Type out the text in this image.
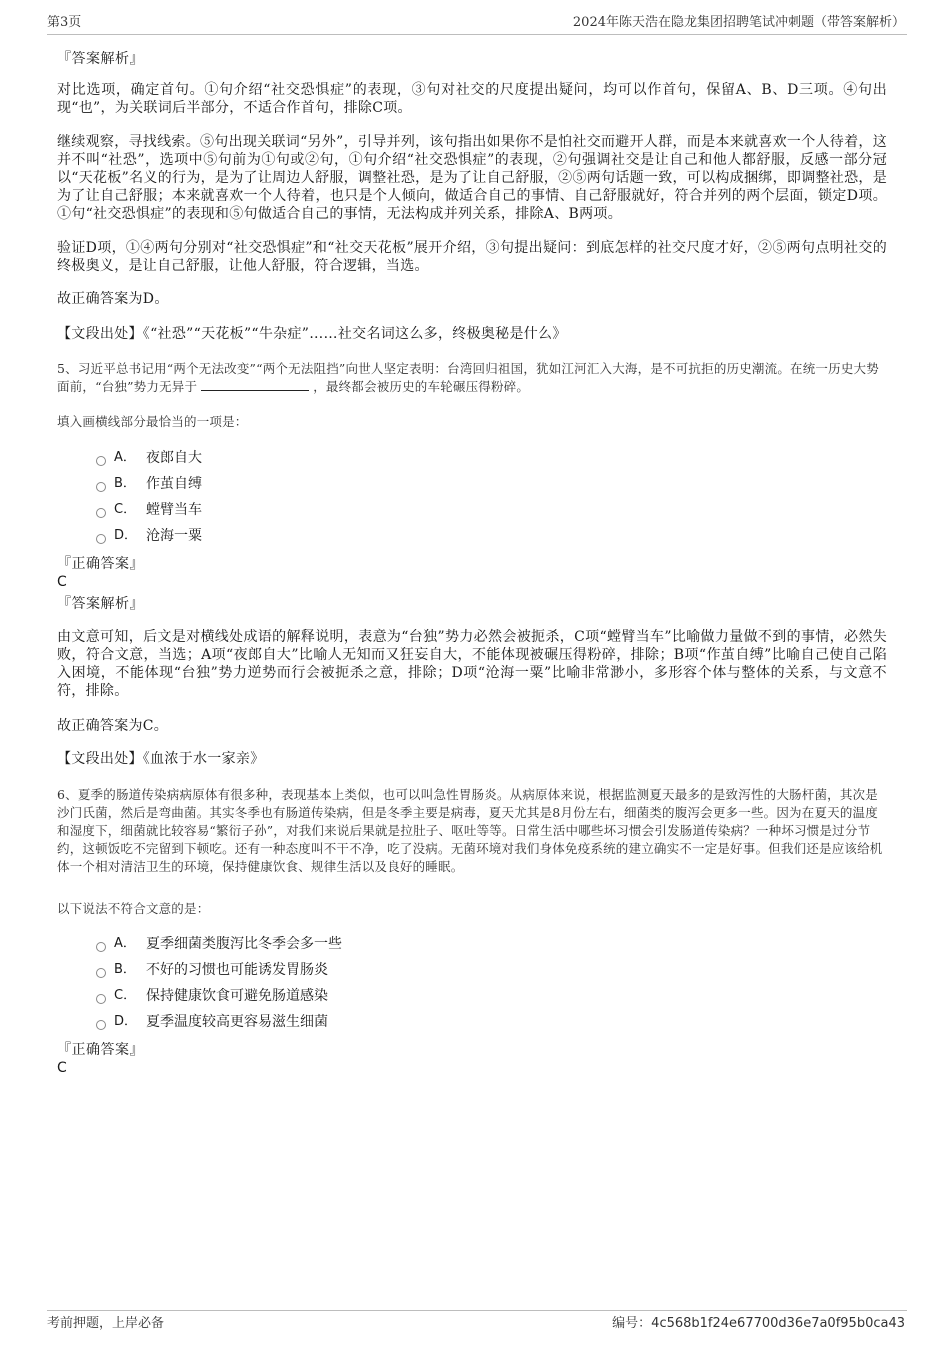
第3页	2024年陈天浩在隐龙集团招聘笔试冲刺题（带答案解析）
『答案解析』
对比选项，确定首句。①句介绍“社交恐惧症”的表现，③句对社交的尺度提出疑问，均可以作首句，保留A、B、D三项。④句出现“也”，为关联词后半部分，不适合作首句，排除C项。
继续观察，寻找线索。⑤句出现关联词“另外”，引导并列，该句指出如果你不是怕社交而避开人群，而是本来就喜欢一个人待着，这并不叫“社恐”，选项中⑤句前为①句或②句，①句介绍“社交恐惧症”的表现，②句强调社交是让自己和他人都舒服，反感一部分冠以“天花板”名义的行为，是为了让周边人舒服，调整社恐，是为了让自己舒服，②⑤两句话题一致，可以构成捆绑，即调整社恐，是为了让自己舒服；本来就喜欢一个人待着，也只是个人倾向，做适合自己的事情、自己舒服就好，符合并列的两个层面，锁定D项。①句“社交恐惧症”的表现和⑤句做适合自己的事情，无法构成并列关系，排除A、B两项。
验证D项，①④两句分别对“社交恐惧症”和“社交天花板”展开介绍，③句提出疑问：到底怎样的社交尺度才好，②⑤两句点明社交的终极奥义，是让自己舒服，让他人舒服，符合逻辑，当选。
故正确答案为D。
【文段出处】《“社恐”“天花板”“牛杂症”……社交名词这么多，终极奥秘是什么》
5、习近平总书记用“两个无法改变”“两个无法阻挡”向世人坚定表明：台湾回归祖国，犹如江河汇入大海，是不可抗拒的历史潮流。在统一历史大势面前，“台独”势力无异于	，最终都会被历史的车轮碾压得粉碎。
填入画横线部分最恰当的一项是：
A． 夜郎自大
B． 作茧自缚
C． 螳臂当车
D． 沧海一粟
『正确答案』
C
『答案解析』
由文意可知，后文是对横线处成语的解释说明，表意为“台独”势力必然会被扼杀，C项“螳臂当车”比喻做力量做不到的事情，必然失败，符合文意，当选；A项“夜郎自大”比喻人无知而又狂妄自大，不能体现被碾压得粉碎，排除；B项“作茧自缚”比喻自己使自己陷入困境，不能体现“台独”势力逆势而行会被扼杀之意，排除；D项“沧海一粟”比喻非常渺小，多形容个体与整体的关系，与文意不符，排除。
故正确答案为C。
【文段出处】《血浓于水一家亲》
6、夏季的肠道传染病病原体有很多种，表现基本上类似，也可以叫急性胃肠炎。从病原体来说，根据监测夏天最多的是致泻性的大肠杆菌，其次是沙门氏菌，然后是弯曲菌。其实冬季也有肠道传染病，但是冬季主要是病毒，夏天尤其是8月份左右，细菌类的腹泻会更多一些。因为在夏天的温度和湿度下，细菌就比较容易“繁衍子孙”，对我们来说后果就是拉肚子、呕吐等等。日常生活中哪些坏习惯会引发肠道传染病？一种坏习惯是过分节约，这顿饭吃不完留到下顿吃。还有一种态度叫不干不净，吃了没病。无菌环境对我们身体免疫系统的建立确实不一定是好事。但我们还是应该给机体一个相对清洁卫生的环境，保持健康饮食、规律生活以及良好的睡眠。
以下说法不符合文意的是：
A． 夏季细菌类腹泻比冬季会多一些
B． 不好的习惯也可能诱发胃肠炎
C． 保持健康饮食可避免肠道感染
D． 夏季温度较高更容易滋生细菌
『正确答案』
C
考前押题，上岸必备	编号：4c568b1f24e67700d36e7a0f95b0ca43
